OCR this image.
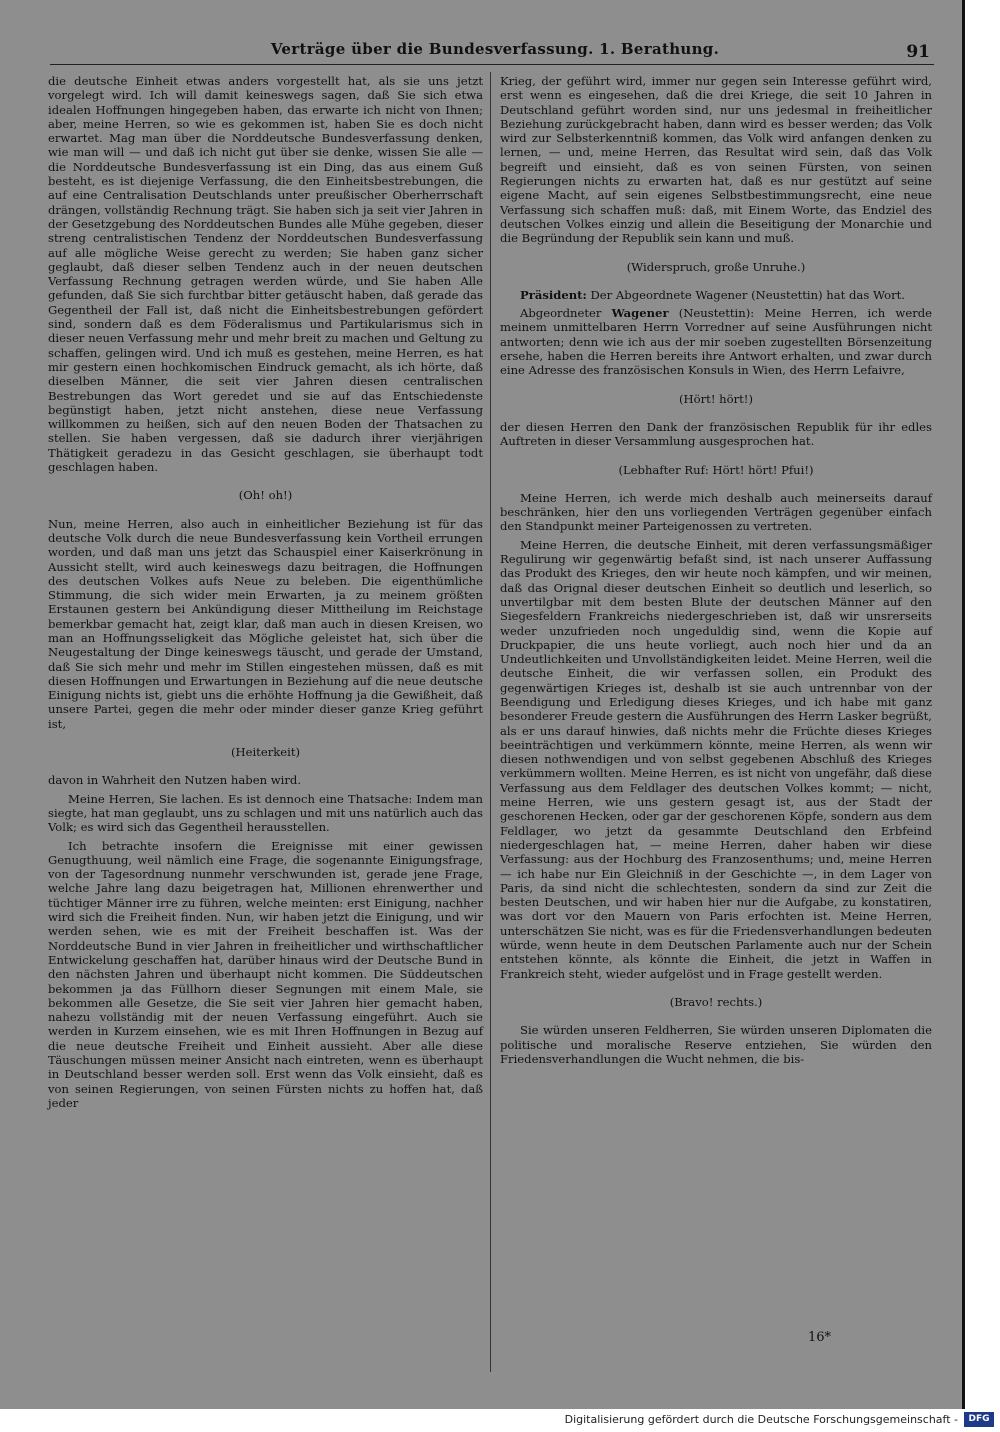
Verträge über die Bundesverfassung. 1. Berathung.	91

die deutsche Einheit etwas anders vorgestellt hat, als sie uns jetzt vorgelegt wird. Ich will damit keineswegs sagen, daß Sie sich etwa idealen Hoffnungen hingegeben haben, das erwarte ich nicht von Ihnen; aber, meine Herren, so wie es gekommen ist, haben Sie es doch nicht erwartet. Mag man über die Norddeutsche Bundesverfassung denken, wie man will — und daß ich nicht gut über sie denke, wissen Sie alle — die Norddeutsche Bundesverfassung ist ein Ding, das aus einem Guß besteht, es ist diejenige Verfassung, die den Einheitsbestrebungen, die auf eine Centralisation Deutschlands unter preußischer Oberherrschaft drängen, vollständig Rechnung trägt. Sie haben sich ja seit vier Jahren in der Gesetzgebung des Norddeutschen Bundes alle Mühe gegeben, dieser streng centralistischen Tendenz der Norddeutschen Bundesverfassung auf alle mögliche Weise gerecht zu werden; Sie haben ganz sicher geglaubt, daß dieser selben Tendenz auch in der neuen deutschen Verfassung Rechnung getragen werden würde, und Sie haben Alle gefunden, daß Sie sich furchtbar bitter getäuscht haben, daß gerade das Gegentheil der Fall ist, daß nicht die Einheitsbestrebungen gefördert sind, sondern daß es dem Föderalismus und Partikularismus sich in dieser neuen Verfassung mehr und mehr breit zu machen und Geltung zu schaffen, gelingen wird. Und ich muß es gestehen, meine Herren, es hat mir gestern einen hochkomischen Eindruck gemacht, als ich hörte, daß dieselben Männer, die seit vier Jahren diesen centralischen Bestrebungen das Wort geredet und sie auf das Entschiedenste begünstigt haben, jetzt nicht anstehen, diese neue Verfassung willkommen zu heißen, sich auf den neuen Boden der Thatsachen zu stellen. Sie haben vergessen, daß sie dadurch ihrer vierjährigen Thätigkeit geradezu in das Gesicht geschlagen, sie überhaupt todt geschlagen haben.

(Oh! oh!)

Nun, meine Herren, also auch in einheitlicher Beziehung ist für das deutsche Volk durch die neue Bundesverfassung kein Vortheil errungen worden, und daß man uns jetzt das Schauspiel einer Kaiserkrönung in Aussicht stellt, wird auch keineswegs dazu beitragen, die Hoffnungen des deutschen Volkes aufs Neue zu beleben. Die eigenthümliche Stimmung, die sich wider mein Erwarten, ja zu meinem größten Erstaunen gestern bei Ankündigung dieser Mittheilung im Reichstage bemerkbar gemacht hat, zeigt klar, daß man auch in diesen Kreisen, wo man an Hoffnungsseligkeit das Mögliche geleistet hat, sich über die Neugestaltung der Dinge keineswegs täuscht, und gerade der Umstand, daß Sie sich mehr und mehr im Stillen eingestehen müssen, daß es mit diesen Hoffnungen und Erwartungen in Beziehung auf die neue deutsche Einigung nichts ist, giebt uns die erhöhte Hoffnung ja die Gewißheit, daß unsere Partei, gegen die mehr oder minder dieser ganze Krieg geführt ist,

(Heiterkeit)

davon in Wahrheit den Nutzen haben wird.

Meine Herren, Sie lachen. Es ist dennoch eine Thatsache: Indem man siegte, hat man geglaubt, uns zu schlagen und mit uns natürlich auch das Volk; es wird sich das Gegentheil herausstellen.

Ich betrachte insofern die Ereignisse mit einer gewissen Genugthuung, weil nämlich eine Frage, die sogenannte Einigungsfrage, von der Tagesordnung nunmehr verschwunden ist, gerade jene Frage, welche Jahre lang dazu beigetragen hat, Millionen ehrenwerther und tüchtiger Männer irre zu führen, welche meinten: erst Einigung, nachher wird sich die Freiheit finden. Nun, wir haben jetzt die Einigung, und wir werden sehen, wie es mit der Freiheit beschaffen ist. Was der Norddeutsche Bund in vier Jahren in freiheitlicher und wirthschaftlicher Entwickelung geschaffen hat, darüber hinaus wird der Deutsche Bund in den nächsten Jahren und überhaupt nicht kommen. Die Süddeutschen bekommen ja das Füllhorn dieser Segnungen mit einem Male, sie bekommen alle Gesetze, die Sie seit vier Jahren hier gemacht haben, nahezu vollständig mit der neuen Verfassung eingeführt. Auch sie werden in Kurzem einsehen, wie es mit Ihren Hoffnungen in Bezug auf die neue deutsche Freiheit und Einheit aussieht. Aber alle diese Täuschungen müssen meiner Ansicht nach eintreten, wenn es überhaupt in Deutschland besser werden soll. Erst wenn das Volk einsieht, daß es von seinen Regierungen, von seinen Fürsten nichts zu hoffen hat, daß jeder

Krieg, der geführt wird, immer nur gegen sein Interesse geführt wird, erst wenn es eingesehen, daß die drei Kriege, die seit 10 Jahren in Deutschland geführt worden sind, nur uns jedesmal in freiheitlicher Beziehung zurückgebracht haben, dann wird es besser werden; das Volk wird zur Selbsterkenntniß kommen, das Volk wird anfangen denken zu lernen, — und, meine Herren, das Resultat wird sein, daß das Volk begreift und einsieht, daß es von seinen Fürsten, von seinen Regierungen nichts zu erwarten hat, daß es nur gestützt auf seine eigene Macht, auf sein eigenes Selbstbestimmungsrecht, eine neue Verfassung sich schaffen muß: daß, mit Einem Worte, das Endziel des deutschen Volkes einzig und allein die Beseitigung der Monarchie und die Begründung der Republik sein kann und muß.

(Widerspruch, große Unruhe.)

Präsident: Der Abgeordnete Wagener (Neustettin) hat das Wort.

Abgeordneter Wagener (Neustettin): Meine Herren, ich werde meinem unmittelbaren Herrn Vorredner auf seine Ausführungen nicht antworten; denn wie ich aus der mir soeben zugestellten Börsenzeitung ersehe, haben die Herren bereits ihre Antwort erhalten, und zwar durch eine Adresse des französischen Konsuls in Wien, des Herrn Lefaivre,

(Hört! hört!)

der diesen Herren den Dank der französischen Republik für ihr edles Auftreten in dieser Versammlung ausgesprochen hat.

(Lebhafter Ruf: Hört! hört! Pfui!)

Meine Herren, ich werde mich deshalb auch meinerseits darauf beschränken, hier den uns vorliegenden Verträgen gegenüber einfach den Standpunkt meiner Parteigenossen zu vertreten.

Meine Herren, die deutsche Einheit, mit deren verfassungsmäßiger Regulirung wir gegenwärtig befaßt sind, ist nach unserer Auffassung das Produkt des Krieges, den wir heute noch kämpfen, und wir meinen, daß das Orignal dieser deutschen Einheit so deutlich und leserlich, so unvertilgbar mit dem besten Blute der deutschen Männer auf den Siegesfeldern Frankreichs niedergeschrieben ist, daß wir unsrerseits weder unzufrieden noch ungeduldig sind, wenn die Kopie auf Druckpapier, die uns heute vorliegt, auch noch hier und da an Undeutlichkeiten und Unvollständigkeiten leidet. Meine Herren, weil die deutsche Einheit, die wir verfassen sollen, ein Produkt des gegenwärtigen Krieges ist, deshalb ist sie auch untrennbar von der Beendigung und Erledigung dieses Krieges, und ich habe mit ganz besonderer Freude gestern die Ausführungen des Herrn Lasker begrüßt, als er uns darauf hinwies, daß nichts mehr die Früchte dieses Krieges beeinträchtigen und verkümmern könnte, meine Herren, als wenn wir diesen nothwendigen und von selbst gegebenen Abschluß des Krieges verkümmern wollten. Meine Herren, es ist nicht von ungefähr, daß diese Verfassung aus dem Feldlager des deutschen Volkes kommt; — nicht, meine Herren, wie uns gestern gesagt ist, aus der Stadt der geschorenen Hecken, oder gar der geschorenen Köpfe, sondern aus dem Feldlager, wo jetzt da gesammte Deutschland den Erbfeind niedergeschlagen hat, — meine Herren, daher haben wir diese Verfassung: aus der Hochburg des Franzosenthums; und, meine Herren — ich habe nur Ein Gleichniß in der Geschichte —, in dem Lager von Paris, da sind nicht die schlechtesten, sondern da sind zur Zeit die besten Deutschen, und wir haben hier nur die Aufgabe, zu konstatiren, was dort vor den Mauern von Paris erfochten ist. Meine Herren, unterschätzen Sie nicht, was es für die Friedensverhandlungen bedeuten würde, wenn heute in dem Deutschen Parlamente auch nur der Schein entstehen könnte, als könnte die Einheit, die jetzt in Waffen in Frankreich steht, wieder aufgelöst und in Frage gestellt werden.

(Bravo! rechts.)

Sie würden unseren Feldherren, Sie würden unseren Diplomaten die politische und moralische Reserve entziehen, Sie würden den Friedensverhandlungen die Wucht nehmen, die bis-

16*
Digitalisierung gefördert durch die Deutsche Forschungsgemeinschaft -	DFG
